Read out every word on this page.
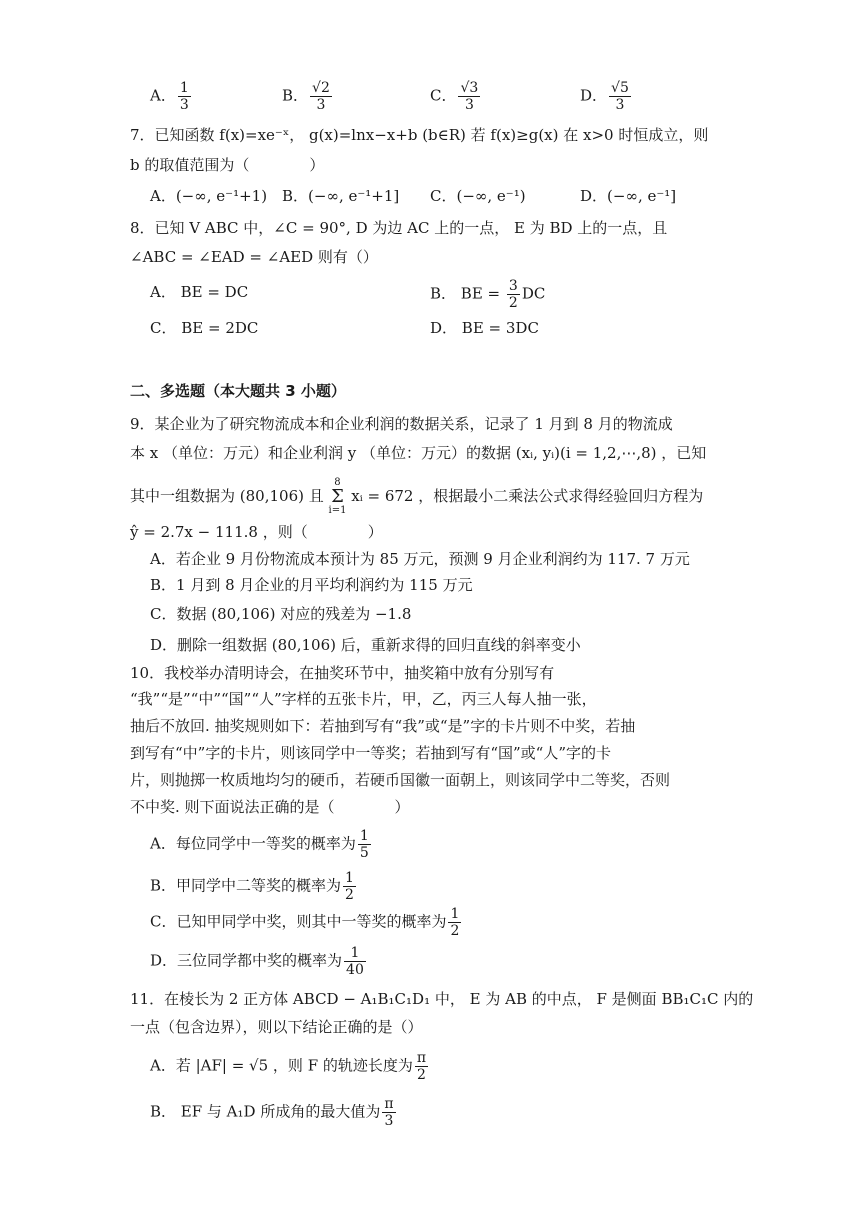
A． $\frac{1}{3}$	B． $\frac{√2}{3}$	C． $\frac{√3}{3}$	D． $\frac{√5}{3}$
7．已知函数 f(x)=xe⁻ˣ， g(x)=lnx−x+b (b∈R) 若 f(x)≥g(x) 在 x>0 时恒成立，则
b 的取值范围为（　　　　）
A．(−∞, e⁻¹+1) B．(−∞, e⁻¹+1] C．(−∞, e⁻¹)	D．(−∞, e⁻¹]
8．已知 V ABC 中，∠C = 90°, D 为边 AC 上的一点， E 为 BD 上的一点，且
∠ABC = ∠EAD = ∠AED 则有（）
A． BE = DC	B． BE = $\frac{3}{2}$ DC
C． BE = 2DC	D． BE = 3DC
二、多选题（本大题共 3 小题）
9．某企业为了研究物流成本和企业利润的数据关系，记录了 1 月到 8 月的物流成
本 x （单位：万元）和企业利润 y （单位：万元）的数据 (xᵢ, yᵢ)(i = 1,2,⋯,8) ，已知
其中一组数据为 (80,106) 且 8
Σ
i=1 xᵢ = 672 ，根据最小二乘法公式求得经验回归方程为
ŷ = 2.7x − 111.8 ，则（　　　　）
A．若企业 9 月份物流成本预计为 85 万元，预测 9 月企业利润约为 117. 7 万元
B．1 月到 8 月企业的月平均利润约为 115 万元
C．数据 (80,106) 对应的残差为 −1.8
D．删除一组数据 (80,106) 后，重新求得的回归直线的斜率变小
10．我校举办清明诗会，在抽奖环节中，抽奖箱中放有分别写有
“我”“是”“中”“国”“人”字样的五张卡片，甲，乙，丙三人每人抽一张，
抽后不放回. 抽奖规则如下：若抽到写有“我”或“是”字的卡片则不中奖，若抽
到写有“中”字的卡片，则该同学中一等奖；若抽到写有“国”或“人”字的卡
片，则抛掷一枚质地均匀的硬币，若硬币国徽一面朝上，则该同学中二等奖，否则
不中奖. 则下面说法正确的是（　　　　）
A．每位同学中一等奖的概率为 $\frac{1}{5}$
B．甲同学中二等奖的概率为 $\frac{1}{2}$
C．已知甲同学中奖，则其中一等奖的概率为 $\frac{1}{2}$
D．三位同学都中奖的概率为 $\frac{1}{40}$
11．在棱长为 2 正方体 ABCD − A₁B₁C₁D₁ 中， E 为 AB 的中点， F 是侧面 BB₁C₁C 内的
一点（包含边界），则以下结论正确的是（）
A．若 |AF| = √5 ，则 F 的轨迹长度为 $\frac{\pi}{2}$
B． EF 与 A₁D 所成角的最大值为 $\frac{\pi}{3}$
